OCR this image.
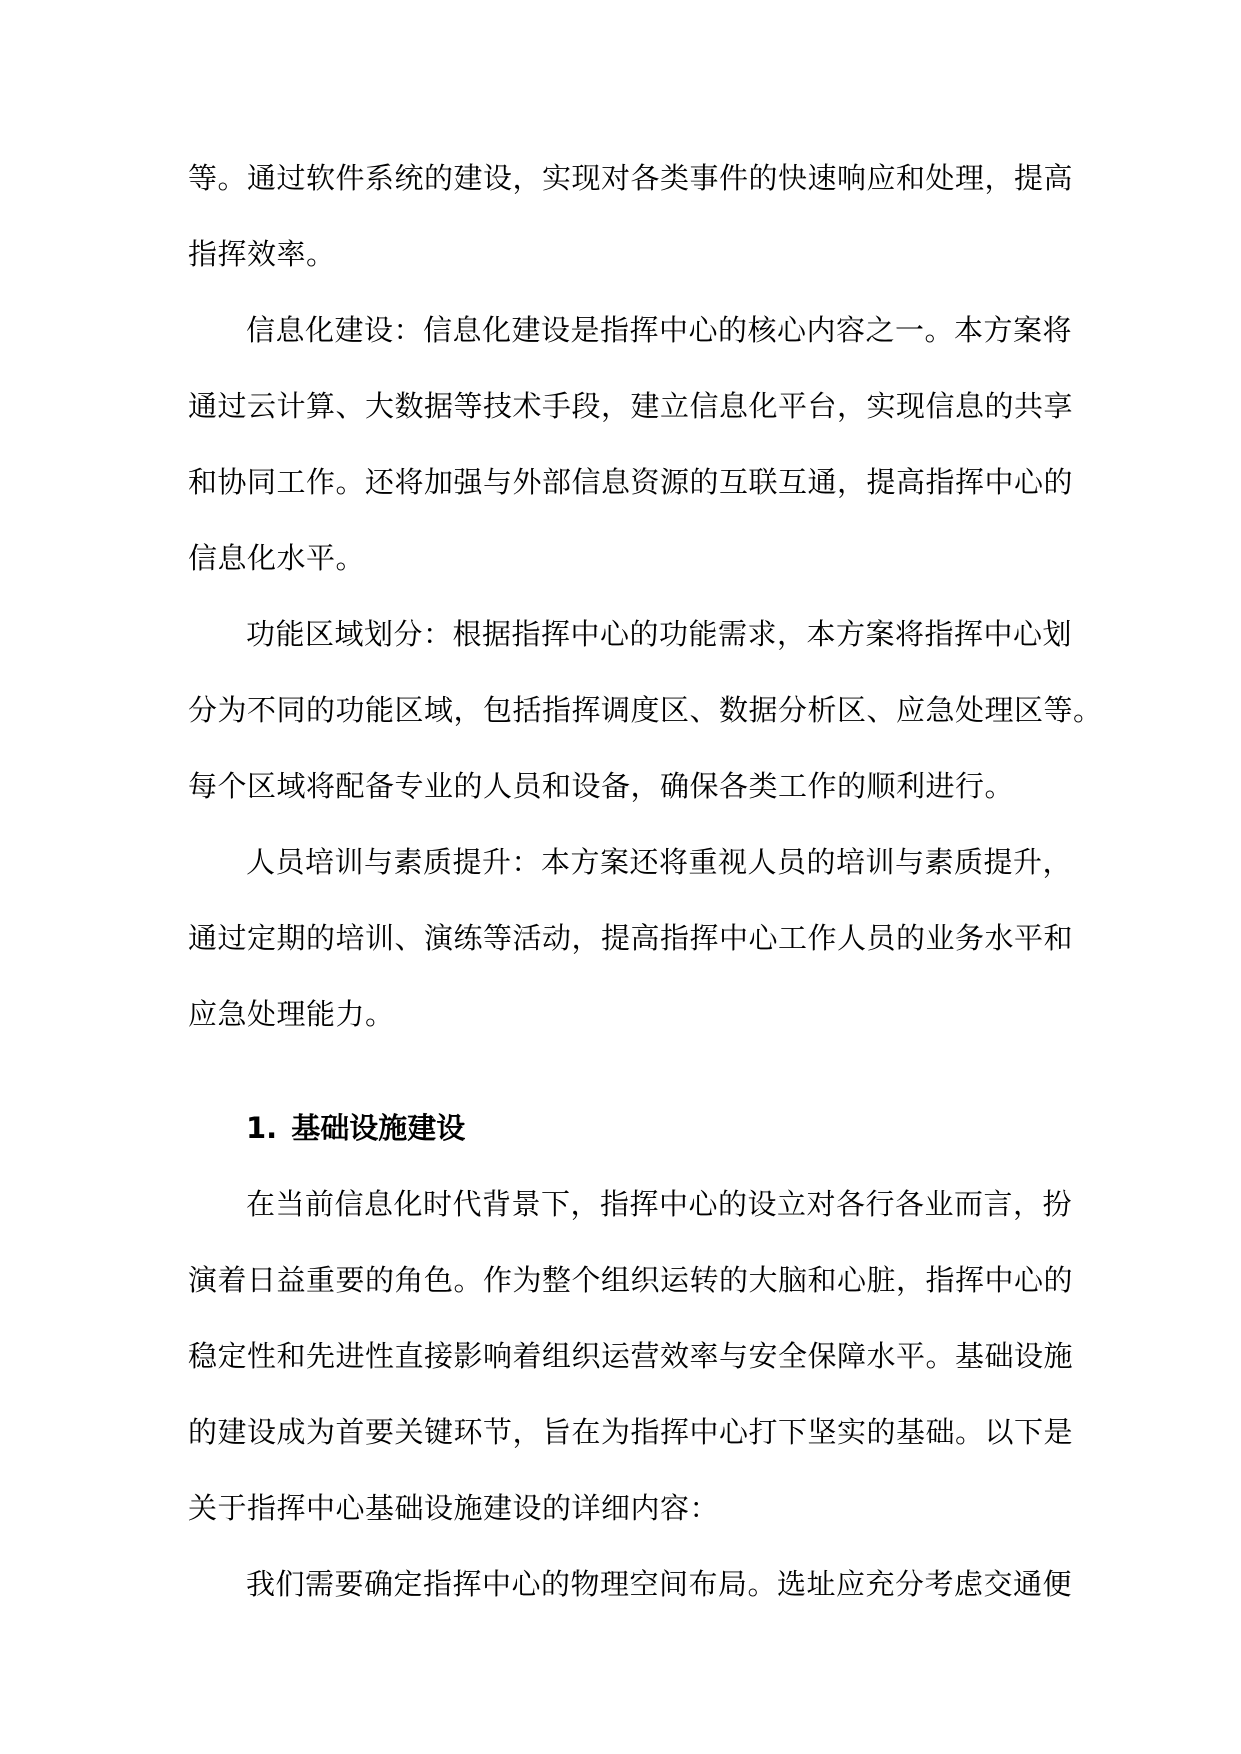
等。通过软件系统的建设，实现对各类事件的快速响应和处理，提高
指挥效率。
信息化建设：信息化建设是指挥中心的核心内容之一。本方案将
通过云计算、大数据等技术手段，建立信息化平台，实现信息的共享
和协同工作。还将加强与外部信息资源的互联互通，提高指挥中心的
信息化水平。
功能区域划分：根据指挥中心的功能需求，本方案将指挥中心划
分为不同的功能区域，包括指挥调度区、数据分析区、应急处理区等。
每个区域将配备专业的人员和设备，确保各类工作的顺利进行。
人员培训与素质提升：本方案还将重视人员的培训与素质提升，
通过定期的培训、演练等活动，提高指挥中心工作人员的业务水平和
应急处理能力。
1. 基础设施建设
在当前信息化时代背景下，指挥中心的设立对各行各业而言，扮
演着日益重要的角色。作为整个组织运转的大脑和心脏，指挥中心的
稳定性和先进性直接影响着组织运营效率与安全保障水平。基础设施
的建设成为首要关键环节，旨在为指挥中心打下坚实的基础。以下是
关于指挥中心基础设施建设的详细内容：
我们需要确定指挥中心的物理空间布局。选址应充分考虑交通便
